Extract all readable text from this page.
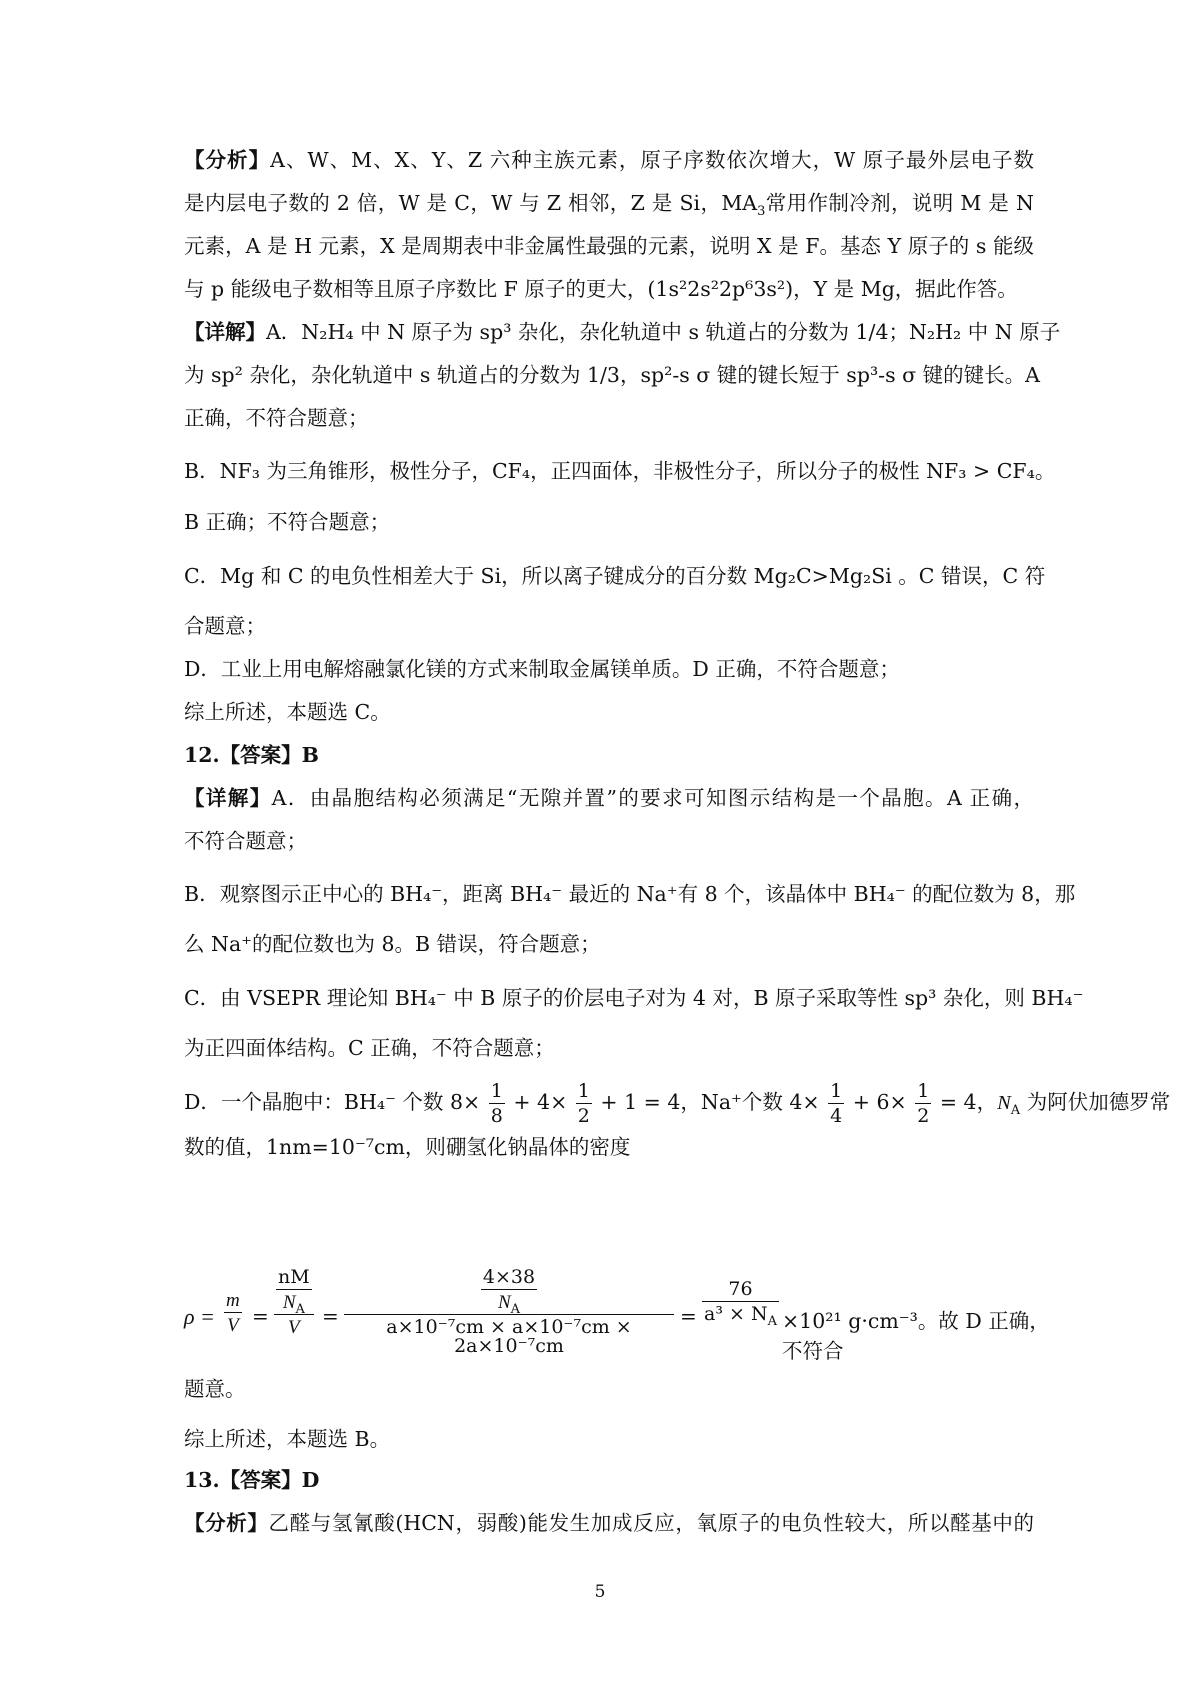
【分析】A、W、M、X、Y、Z 六种主族元素，原子序数依次增大，W 原子最外层电子数
是内层电子数的 2 倍，W 是 C，W 与 Z 相邻，Z 是 Si，$MA_3$常用作制冷剂，说明 M 是 N
元素，A 是 H 元素，X 是周期表中非金属性最强的元素，说明 X 是 F。基态 Y 原子的 s 能级
与 p 能级电子数相等且原子序数比 F 原子的更大，(1s²2s²2p⁶3s²)，Y 是 Mg，据此作答。
【详解】A．N₂H₄ 中 N 原子为 sp³ 杂化，杂化轨道中 s 轨道占的分数为 1/4；N₂H₂ 中 N 原子
为 sp² 杂化，杂化轨道中 s 轨道占的分数为 1/3，sp²-s σ 键的键长短于 sp³-s σ 键的键长。A
正确，不符合题意；
B．NF₃ 为三角锥形，极性分子，CF₄，正四面体，非极性分子，所以分子的极性 NF₃ > CF₄。
B 正确；不符合题意；
C．Mg 和 C 的电负性相差大于 Si，所以离子键成分的百分数 Mg₂C>Mg₂Si 。C 错误，C 符
合题意；
D．工业上用电解熔融氯化镁的方式来制取金属镁单质。D 正确，不符合题意；
综上所述，本题选 C。
12.【答案】B
【详解】A．由晶胞结构必须满足“无隙并置”的要求可知图示结构是一个晶胞。A 正确，
不符合题意；
B．观察图示正中心的 BH₄⁻，距离 BH₄⁻ 最近的 Na⁺有 8 个，该晶体中 BH₄⁻ 的配位数为 8，那
么 Na⁺的配位数也为 8。B 错误，符合题意；
C．由 VSEPR 理论知 BH₄⁻ 中 B 原子的价层电子对为 4 对，B 原子采取等性 sp³ 杂化，则 BH₄⁻
为正四面体结构。C 正确，不符合题意；
D．一个晶胞中：BH₄⁻ 个数 $8\times \frac{1}{8} + 4\times \frac{1}{2} + 1 = 4$，Na⁺个数 $4\times \frac{1}{4} + 6\times \frac{1}{2} = 4$，$N_A$ 为阿伏加德罗常
数的值，1nm=10⁻⁷cm，则硼氢化钠晶体的密度
$\rho = \frac{m}{V}$ =
$\frac{nM}{N_A}$
V	= $\frac{\frac{4\times 38}{N_A}}{\text{a×10⁻⁷cm × a×10⁻⁷cm × 2a×10⁻⁷cm}} = \frac{76}{a^3 \times N_A} \times 10^{21}$ g·cm⁻³。故 D 正确，不符合
题意。
综上所述，本题选 B。
13.【答案】D
【分析】乙醛与氢氰酸(HCN，弱酸)能发生加成反应，氧原子的电负性较大，所以醛基中的
5
